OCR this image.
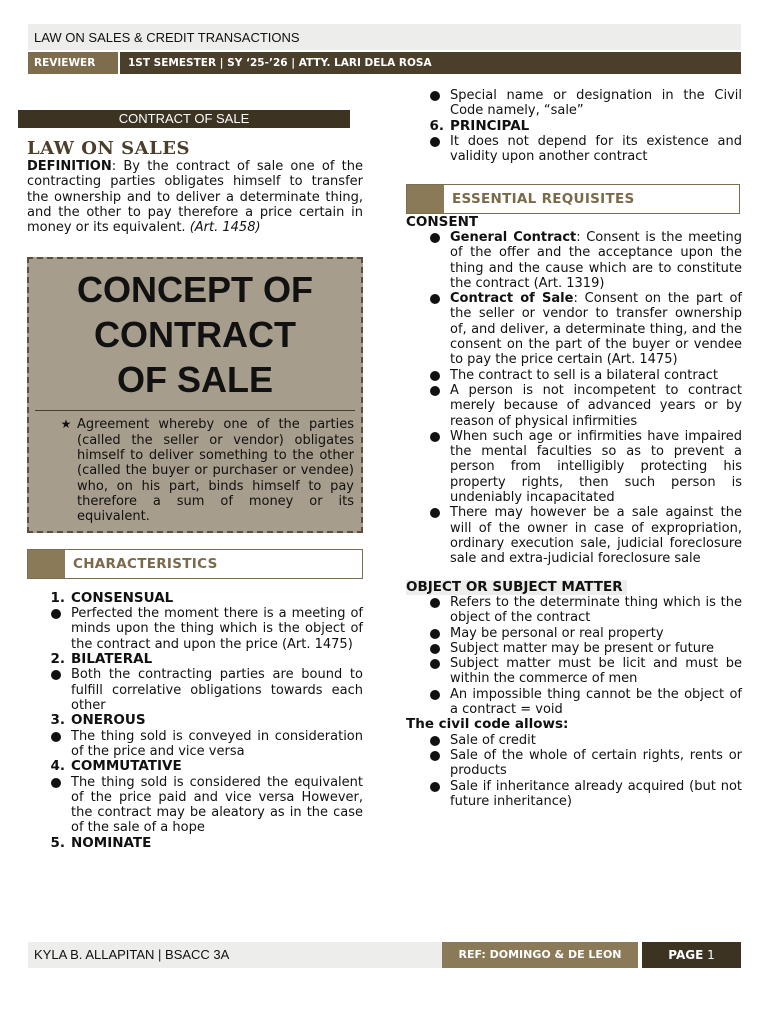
LAW ON SALES & CREDIT TRANSACTIONS
REVIEWER	1ST SEMESTER | SY ‘25-’26 | ATTY. LARI DELA ROSA
CONTRACT OF SALE
LAW ON SALES

DEFINITION: By the contract of sale one of the contracting parties obligates himself to transfer the ownership and to deliver a determinate thing, and the other to pay therefore a price certain in money or its equivalent. (Art. 1458)

CONCEPT OF
CONTRACT
OF SALE
★ Agreement whereby one of the parties (called the seller or vendor) obligates himself to deliver something to the other (called the buyer or purchaser or vendee) who, on his part, binds himself to pay therefore a sum of money or its equivalent.
CHARACTERISTICS
1. CONSENSUAL
Perfected the moment there is a meeting of minds upon the thing which is the object of the contract and upon the price (Art. 1475)
2. BILATERAL
Both the contracting parties are bound to fulfill correlative obligations towards each other
3. ONEROUS
The thing sold is conveyed in consideration of the price and vice versa
4. COMMUTATIVE
The thing sold is considered the equivalent of the price paid and vice versa However, the contract may be aleatory as in the case of the sale of a hope
5. NOMINATE
Special name or designation in the Civil Code namely, “sale”
6. PRINCIPAL
It does not depend for its existence and validity upon another contract
ESSENTIAL REQUISITES
CONSENT
General Contract: Consent is the meeting of the offer and the acceptance upon the thing and the cause which are to constitute the contract (Art. 1319)
Contract of Sale: Consent on the part of the seller or vendor to transfer ownership of, and deliver, a determinate thing, and the consent on the part of the buyer or vendee to pay the price certain (Art. 1475)
The contract to sell is a bilateral contract
A person is not incompetent to contract merely because of advanced years or by reason of physical infirmities
When such age or infirmities have impaired the mental faculties so as to prevent a person from intelligibly protecting his property rights, then such person is undeniably incapacitated
There may however be a sale against the will of the owner in case of expropriation, ordinary execution sale, judicial foreclosure sale and extra-judicial foreclosure sale
OBJECT OR SUBJECT MATTER
Refers to the determinate thing which is the object of the contract
May be personal or real property
Subject matter may be present or future
Subject matter must be licit and must be within the commerce of men
An impossible thing cannot be the object of a contract = void
The civil code allows:
Sale of credit
Sale of the whole of certain rights, rents or products
Sale if inheritance already acquired (but not future inheritance)
KYLA B. ALLAPITAN | BSACC 3A	REF: DOMINGO & DE LEON	PAGE 1
